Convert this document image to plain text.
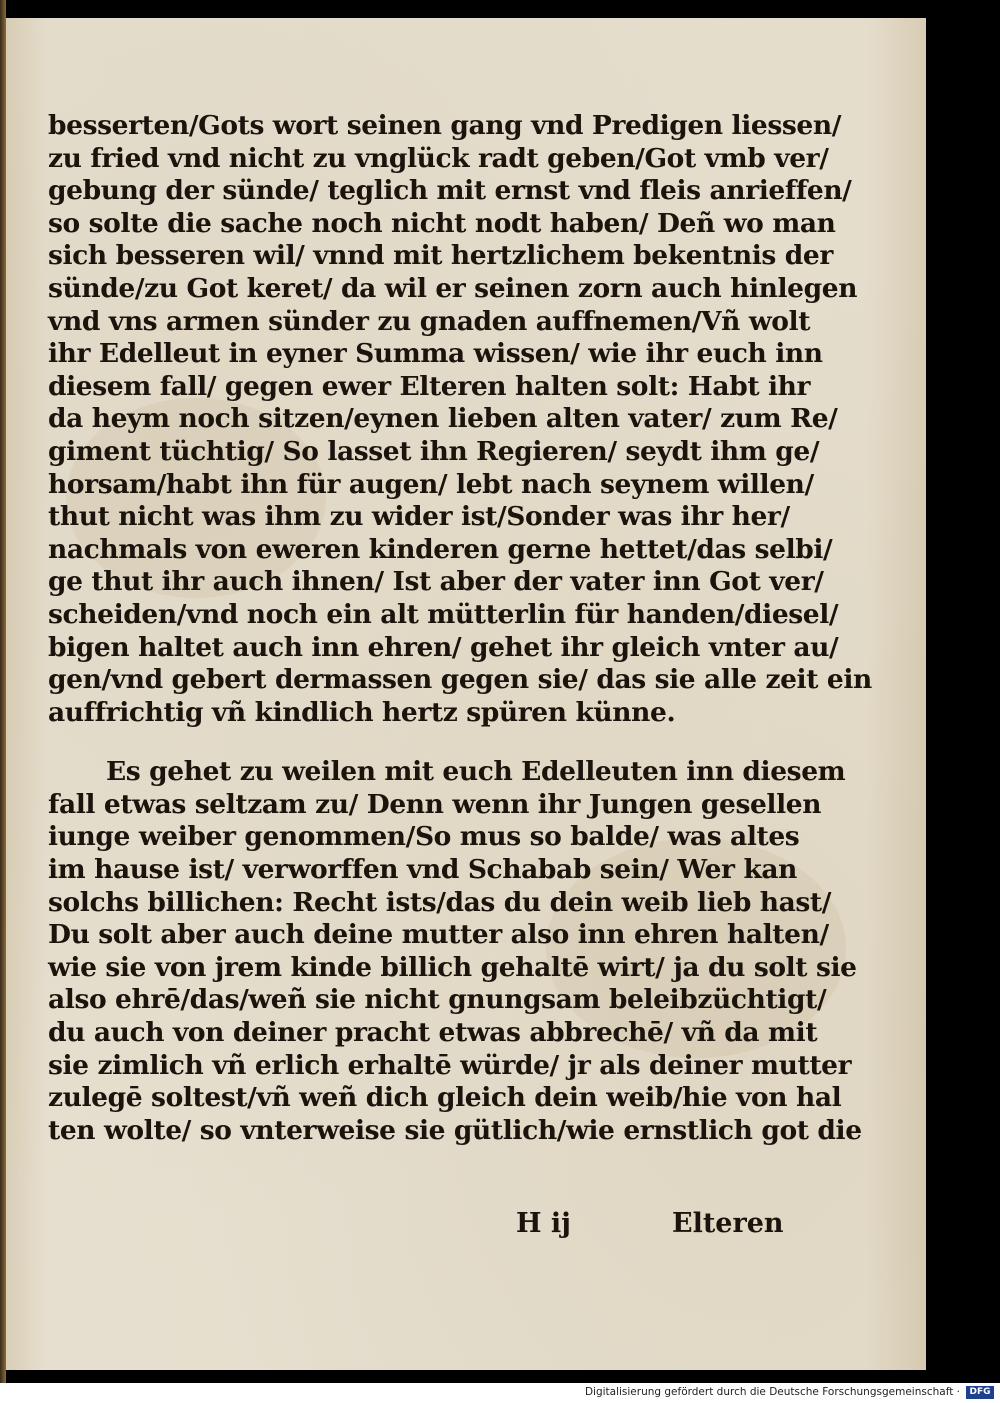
besserten/Gots wort seinen gang vnd Predigen liessen/
zu fried vnd nicht zu vnglück radt geben/Got vmb ver/
gebung der sünde/ teglich mit ernst vnd fleis anrieffen/
so solte die sache noch nicht nodt haben/ Deñ wo man
sich besseren wil/ vnnd mit hertzlichem bekentnis der
sünde/zu Got keret/ da wil er seinen zorn auch hinlegen
vnd vns armen sünder zu gnaden auffnemen/Vñ wolt
ihr Edelleut in eyner Summa wissen/ wie ihr euch inn
diesem fall/ gegen ewer Elteren halten solt: Habt ihr
da heym noch sitzen/eynen lieben alten vater/ zum Re/
giment tüchtig/ So lasset ihn Regieren/ seydt ihm ge/
horsam/habt ihn für augen/ lebt nach seynem willen/
thut nicht was ihm zu wider ist/Sonder was ihr her/
nachmals von eweren kinderen gerne hettet/das selbi/
ge thut ihr auch ihnen/ Ist aber der vater inn Got ver/
scheiden/vnd noch ein alt mütterlin für handen/diesel/
bigen haltet auch inn ehren/ gehet ihr gleich vnter au/
gen/vnd gebert dermassen gegen sie/ das sie alle zeit ein
auffrichtig vñ kindlich hertz spüren künne.
Es gehet zu weilen mit euch Edelleuten inn diesem
fall etwas seltzam zu/ Denn wenn ihr Jungen gesellen
iunge weiber genommen/So mus so balde/ was altes
im hause ist/ verworffen vnd Schabab sein/ Wer kan
solchs billichen: Recht ists/das du dein weib lieb hast/
Du solt aber auch deine mutter also inn ehren halten/
wie sie von jrem kinde billich gehaltē wirt/ ja du solt sie
also ehrē/das/weñ sie nicht gnungsam beleibzüchtigt/
du auch von deiner pracht etwas abbrechē/ vñ da mit
sie zimlich vñ erlich erhaltē würde/ jr als deiner mutter
zulegē soltest/vñ weñ dich gleich dein weib/hie von hal
ten wolte/ so vnterweise sie gütlich/wie ernstlich got die
H ij	Elteren
Digitalisierung gefördert durch die Deutsche Forschungsgemeinschaft ·	DFG
